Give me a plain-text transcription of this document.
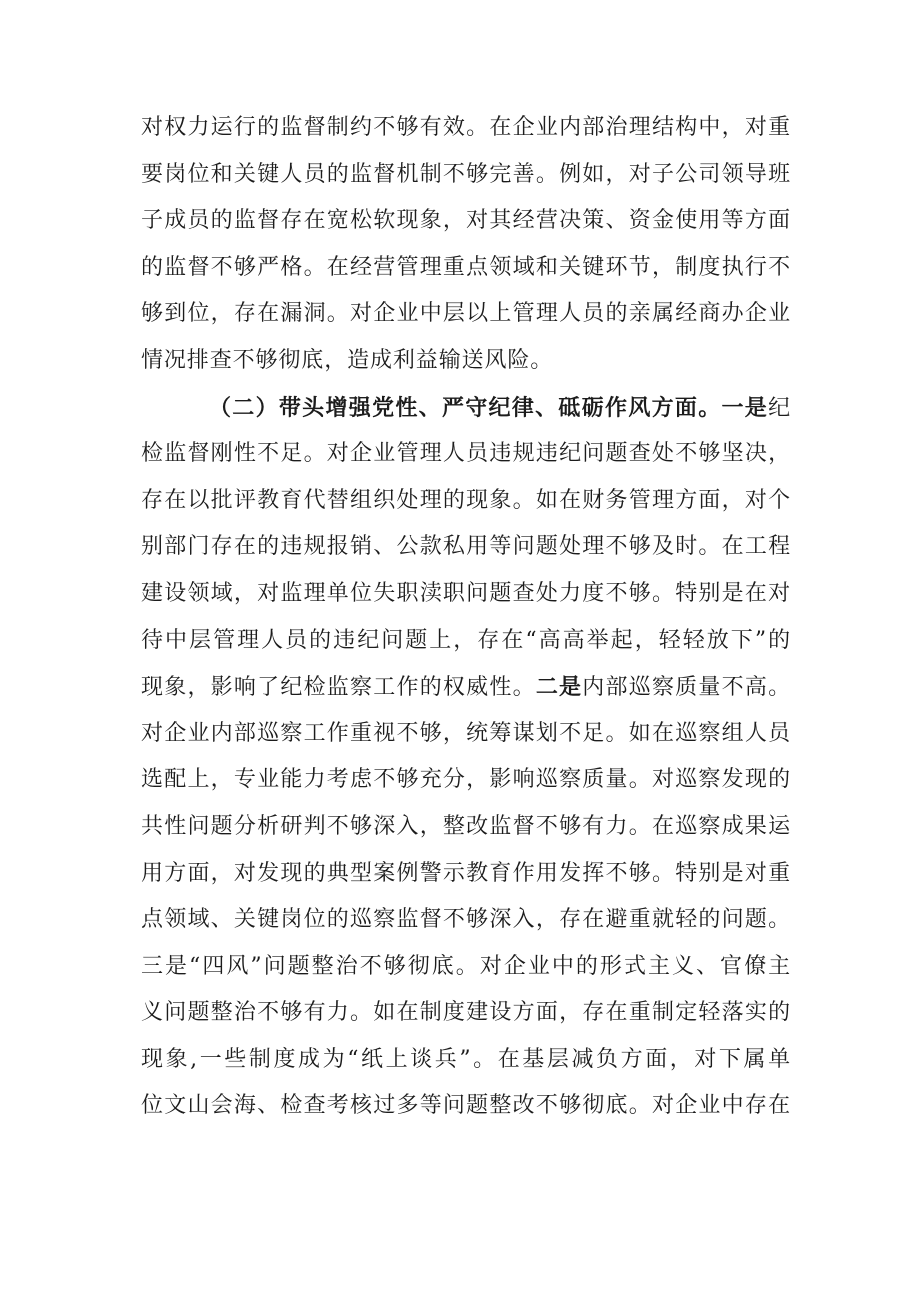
对权力运行的监督制约不够有效。在企业内部治理结构中，对重
要岗位和关键人员的监督机制不够完善。例如，对子公司领导班
子成员的监督存在宽松软现象，对其经营决策、资金使用等方面
的监督不够严格。在经营管理重点领域和关键环节，制度执行不
够到位，存在漏洞。对企业中层以上管理人员的亲属经商办企业
情况排查不够彻底，造成利益输送风险。
（二）带头增强党性、严守纪律、砥砺作风方面。一是纪
检监督刚性不足。对企业管理人员违规违纪问题查处不够坚决，
存在以批评教育代替组织处理的现象。如在财务管理方面，对个
别部门存在的违规报销、公款私用等问题处理不够及时。在工程
建设领域，对监理单位失职渎职问题查处力度不够。特别是在对
待中层管理人员的违纪问题上，存在“高高举起，轻轻放下”的
现象，影响了纪检监察工作的权威性。二是内部巡察质量不高。
对企业内部巡察工作重视不够，统筹谋划不足。如在巡察组人员
选配上，专业能力考虑不够充分，影响巡察质量。对巡察发现的
共性问题分析研判不够深入，整改监督不够有力。在巡察成果运
用方面，对发现的典型案例警示教育作用发挥不够。特别是对重
点领域、关键岗位的巡察监督不够深入，存在避重就轻的问题。
三是“四风”问题整治不够彻底。对企业中的形式主义、官僚主
义问题整治不够有力。如在制度建设方面，存在重制定轻落实的
现象,一些制度成为“纸上谈兵”。在基层减负方面，对下属单
位文山会海、检查考核过多等问题整改不够彻底。对企业中存在
